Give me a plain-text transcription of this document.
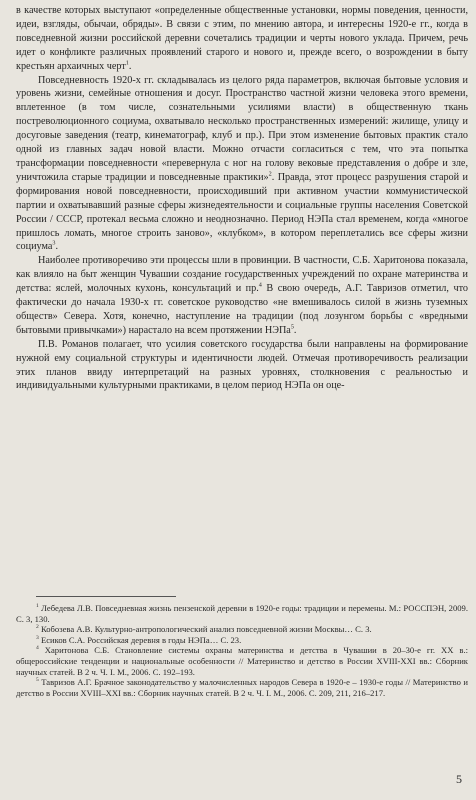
в качестве которых выступают «определенные общественные установки, нормы поведения, ценности, идеи, взгляды, обычаи, обряды». В связи с этим, по мнению автора, и интересны 1920-е гг., когда в повседневной жизни российской деревни сочетались традиции и черты нового уклада. Причем, речь идет о конфликте различных проявлений старого и нового и, прежде всего, о возрождении в быту крестьян архаичных черт$^1$.

Повседневность 1920-х гг. складывалась из целого ряда параметров, включая бытовые условия и уровень жизни, семейные отношения и досуг. Пространство частной жизни человека этого времени, вплетенное (в том числе, сознательными усилиями власти) в общественную ткань постреволюционного социума, охватывало несколько пространственных измерений: жилище, улицу и досуговые заведения (театр, кинематограф, клуб и пр.). При этом изменение бытовых практик стало одной из главных задач новой власти. Можно отчасти согласиться с тем, что эта попытка трансформации повседневности «перевернула с ног на голову вековые представления о добре и зле, уничтожила старые традиции и повседневные практики»$^2$. Правда, этот процесс разрушения старой и формирования новой повседневности, происходивший при активном участии коммунистической партии и охватывавший разные сферы жизнедеятельности и социальные группы населения Советской России / СССР, протекал весьма сложно и неоднозначно. Период НЭПа стал временем, когда «многое пришлось ломать, многое строить заново», «клубком», в котором переплетались все сферы жизни социума$^3$.

Наиболее противоречиво эти процессы шли в провинции. В частности, С.Б. Харитонова показала, как влияло на быт женщин Чувашии создание государственных учреждений по охране материнства и детства: яслей, молочных кухонь, консультаций и пр.$^4$ В свою очередь, А.Г. Тавризов отметил, что фактически до начала 1930-х гг. советское руководство «не вмешивалось силой в жизнь туземных обществ» Севера. Хотя, конечно, наступление на традиции (под лозунгом борьбы с «вредными бытовыми привычками») нарастало на всем протяжении НЭПа$^5$.

П.В. Романов полагает, что усилия советского государства были направлены на формирование нужной ему социальной структуры и идентичности людей. Отмечая противоречивость реализации этих планов ввиду интерпретаций на разных уровнях, столкновения с реальностью и индивидуальными культурными практиками, в целом период НЭПа он оце-

$^1$ Лебедева Л.В. Повседневная жизнь пензенской деревни в 1920-е годы: традиции и перемены. М.: РОССПЭН, 2009. С. 3, 130.

$^2$ Кобозева А.В. Культурно-антропологический анализ повседневной жизни Москвы… С. 3.

$^3$ Есиков С.А. Российская деревня в годы НЭПа… С. 23.

$^4$ Харитонова С.Б. Становление системы охраны материнства и детства в Чувашии в 20–30-е гг. ХХ в.: общероссийские тенденции и национальные особенности // Материнство и детство в России XVIII-XXI вв.: Сборник научных статей. В 2 ч. Ч. I. М., 2006. С. 192–193.

$^5$ Тавризов А.Г. Брачное законодательство у малочисленных народов Севера в 1920-е – 1930-е годы // Материнство и детство в России XVIII–XXI вв.: Сборник научных статей. В 2 ч. Ч. I. М., 2006. С. 209, 211, 216–217.

5
